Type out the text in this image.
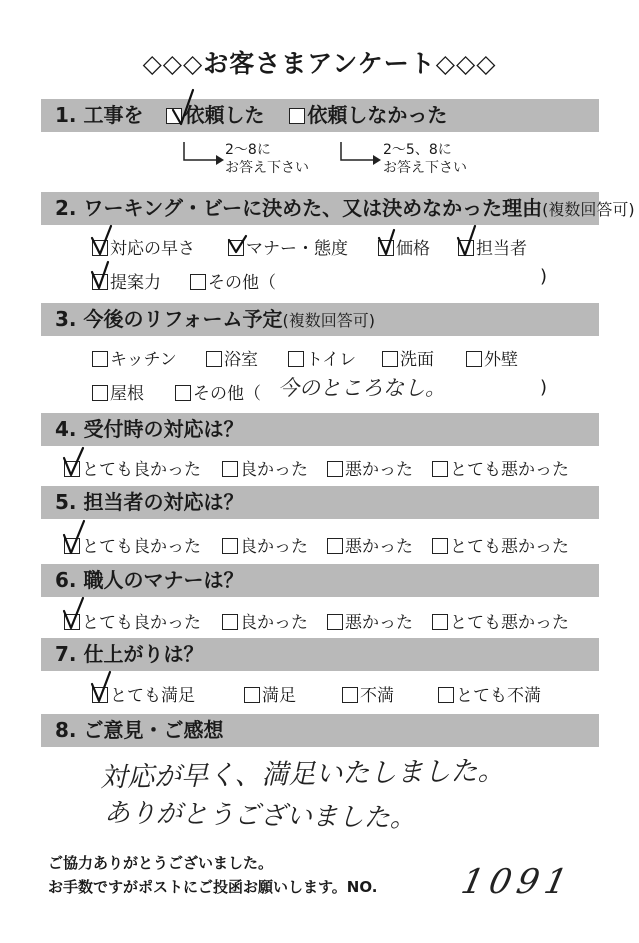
◇◇◇お客さまアンケート◇◇◇
1. 工事を 依頼した 依頼しなかった
2〜8に
お答え下さい
2〜5、8に
お答え下さい
2. ワーキング・ビーに決めた、又は決めなかった理由(複数回答可)
対応の早さ	マナー・態度	価格	担当者
提案力	その他（	)
3. 今後のリフォーム予定(複数回答可)
キッチン	浴室	トイレ	洗面	外壁
屋根	その他（ 今のところなし。	)
4. 受付時の対応は？
とても良かった	良かった	悪かった	とても悪かった
5. 担当者の対応は？
とても良かった	良かった	悪かった	とても悪かった
6. 職人のマナーは？
とても良かった	良かった	悪かった	とても悪かった
7. 仕上がりは？
とても満足	満足	不満	とても不満
8. ご意見・ご感想
対応が早く、満足いたしました。
ありがとうございました。
ご協力ありがとうございました。
お手数ですがポストにご投函お願いします。NO. 1091
